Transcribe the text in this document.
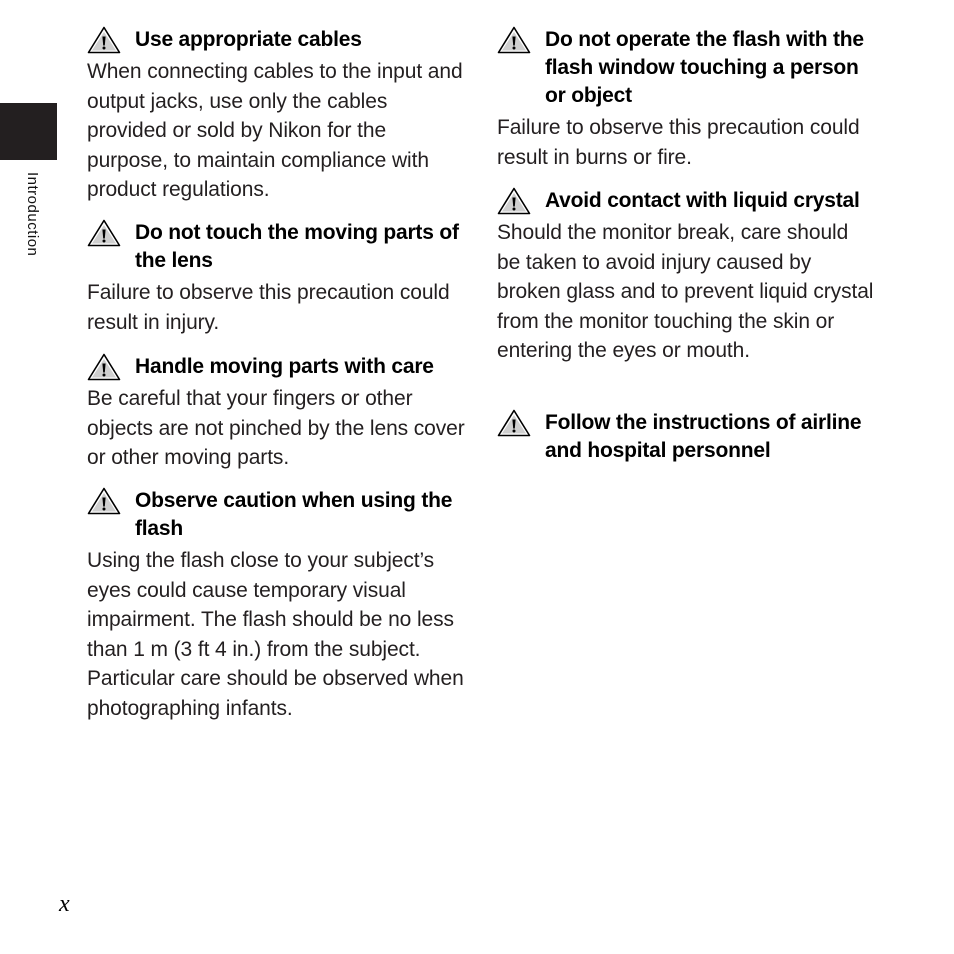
Introduction
Use appropriate cables
When connecting cables to the input and output jacks, use only the cables provided or sold by Nikon for the purpose, to maintain compliance with product regulations.
Do not touch the moving parts of the lens
Failure to observe this precaution could result in injury.
Handle moving parts with care
Be careful that your fingers or other objects are not pinched by the lens cover or other moving parts.
Observe caution when using the flash
Using the flash close to your subject’s eyes could cause temporary visual impairment. The flash should be no less than 1 m (3 ft 4 in.) from the subject. Particular care should be observed when photographing infants.
Do not operate the flash with the flash window touching a person or object
Failure to observe this precaution could result in burns or fire.
Avoid contact with liquid crystal
Should the monitor break, care should be taken to avoid injury caused by broken glass and to prevent liquid crystal from the monitor touching the skin or entering the eyes or mouth.
Follow the instructions of airline and hospital personnel
x
